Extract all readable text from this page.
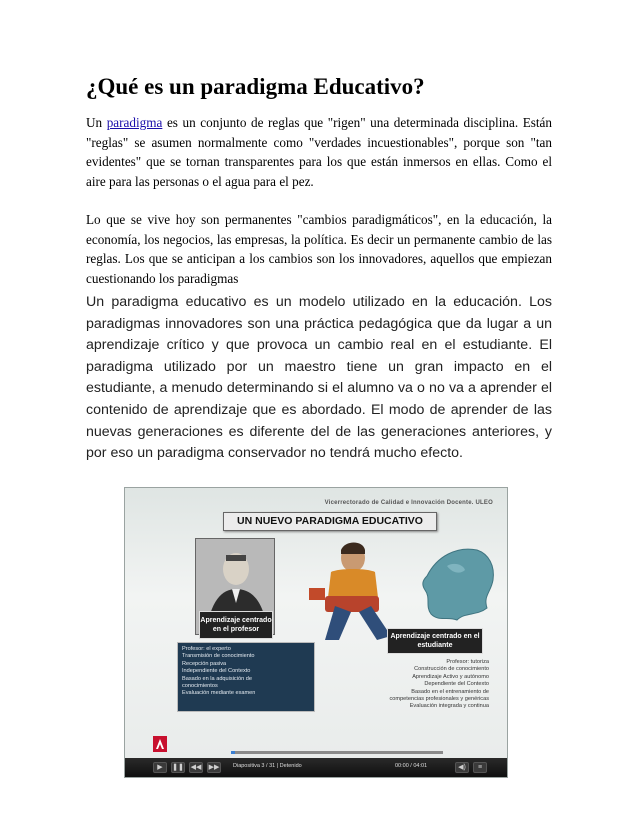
¿Qué es un paradigma Educativo?
Un paradigma es un conjunto de reglas que "rigen" una determinada disciplina. Están "reglas" se asumen normalmente como "verdades incuestionables", porque son "tan evidentes" que se tornan transparentes para los que están inmersos en ellas. Como el aire para las personas o el agua para el pez.
Lo que se vive hoy son permanentes "cambios paradigmáticos", en la educación, la economía, los negocios, las empresas, la política. Es decir un permanente cambio de las reglas. Los que se anticipan a los cambios son los innovadores, aquellos que empiezan cuestionando los paradigmas
Un paradigma educativo es un modelo utilizado en la educación. Los paradigmas innovadores son una práctica pedagógica que da lugar a un aprendizaje crítico y que provoca un cambio real en el estudiante. El paradigma utilizado por un maestro tiene un gran impacto en el estudiante, a menudo determinando si el alumno va o no va a aprender el contenido de aprendizaje que es abordado. El modo de aprender de las nuevas generaciones es diferente del de las generaciones anteriores, y por eso un paradigma conservador no tendrá mucho efecto.
Vicerrectorado de Calidad e Innovación Docente. ULEO
UN NUEVO PARADIGMA EDUCATIVO
Aprendizaje centrado en el profesor
Aprendizaje centrado en el estudiante
Profesor: el experto
Transmisión de conocimiento
Recepción pasiva
Independiente del Contexto
Basado en la adquisición de
conocimientos
Evaluación mediante examen
Profesor: tutoriza
Construcción de conocimiento
Aprendizaje Activo y autónomo
Dependiente del Contexto
Basado en el entrenamiento de
competencias profesionales y genéricas
Evaluación integrada y continua
▶	❚❚ ◀◀ ▶▶	◀)	≡
Diapositiva 3 / 31 | Detenido	00:00 / 04:01
